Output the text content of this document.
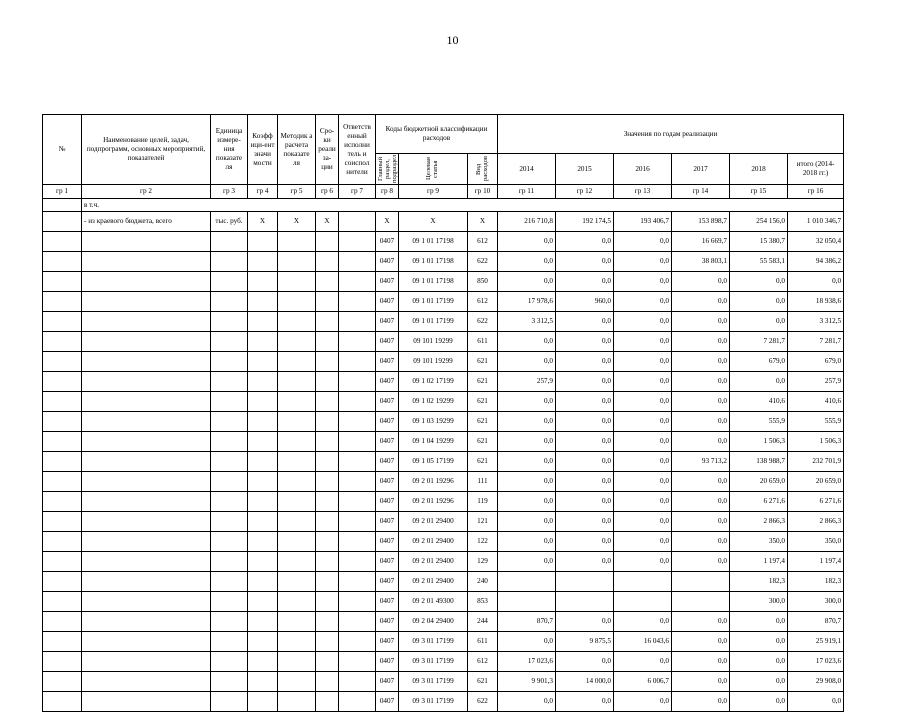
10
№	Наименование целей, задач, подпрограмм, основных мероприятий, показателей	Единица измере-ния показате ля	Коэфф ици-ент значи мости	Методик а расчета показате ля	Сро-ки реали за-ции	Ответств енный исполни тель и соиспол нители	Коды бюджетной классификации расходов			Значения по годам реализации					

							Главный раздел, подраздел	Целевая статья	Вид расходов	2014	2015	2016	2017	2018	итого (2014-2018 гг.)
гр 1	гр 2	гр 3	гр 4	гр 5	гр 6	гр 7	гр 8	гр 9	гр 10	гр 11	гр 12	гр 13	гр 14	гр 15	гр 16
	в т.ч.														
	- из краевого бюджета, всего	тыс. руб.	Х	Х	Х		Х	Х	Х	216 710,8	192 174,5	193 406,7	153 898,7	254 156,0	1 010 346,7
							0407	09 1 01 17198	612	0,0	0,0	0,0	16 669,7	15 380,7	32 050,4
							0407	09 1 01 17198	622	0,0	0,0	0,0	38 803,1	55 583,1	94 386,2
							0407	09 1 01 17198	850	0,0	0,0	0,0	0,0	0,0	0,0
							0407	09 1 01 17199	612	17 978,6	960,0	0,0	0,0	0,0	18 938,6
							0407	09 1 01 17199	622	3 312,5	0,0	0,0	0,0	0,0	3 312,5
							0407	09 101 19299	611	0,0	0,0	0,0	0,0	7 281,7	7 281,7
							0407	09 101 19299	621	0,0	0,0	0,0	0,0	679,0	679,0
							0407	09 1 02 17199	621	257,9	0,0	0,0	0,0	0,0	257,9
							0407	09 1 02 19299	621	0,0	0,0	0,0	0,0	410,6	410,6
							0407	09 1 03 19299	621	0,0	0,0	0,0	0,0	555,9	555,9
							0407	09 1 04 19299	621	0,0	0,0	0,0	0,0	1 506,3	1 506,3
							0407	09 1 05 17199	621	0,0	0,0	0,0	93 713,2	138 988,7	232 701,9
							0407	09 2 01 19296	111	0,0	0,0	0,0	0,0	20 659,0	20 659,0
							0407	09 2 01 19296	119	0,0	0,0	0,0	0,0	6 271,6	6 271,6
							0407	09 2 01 29400	121	0,0	0,0	0,0	0,0	2 866,3	2 866,3
							0407	09 2 01 29400	122	0,0	0,0	0,0	0,0	350,0	350,0
							0407	09 2 01 29400	129	0,0	0,0	0,0	0,0	1 197,4	1 197,4
							0407	09 2 01 29400	240					182,3	182,3
							0407	09 2 01 49300	853					300,0	300,0
							0407	09 2 04 29400	244	870,7	0,0	0,0	0,0	0,0	870,7
							0407	09 3 01 17199	611	0,0	9 875,5	16 043,6	0,0	0,0	25 919,1
							0407	09 3 01 17199	612	17 023,6	0,0	0,0	0,0	0,0	17 023,6
							0407	09 3 01 17199	621	9 901,3	14 000,0	6 006,7	0,0	0,0	29 908,0
							0407	09 3 01 17199	622	0,0	0,0	0,0	0,0	0,0	0,0
